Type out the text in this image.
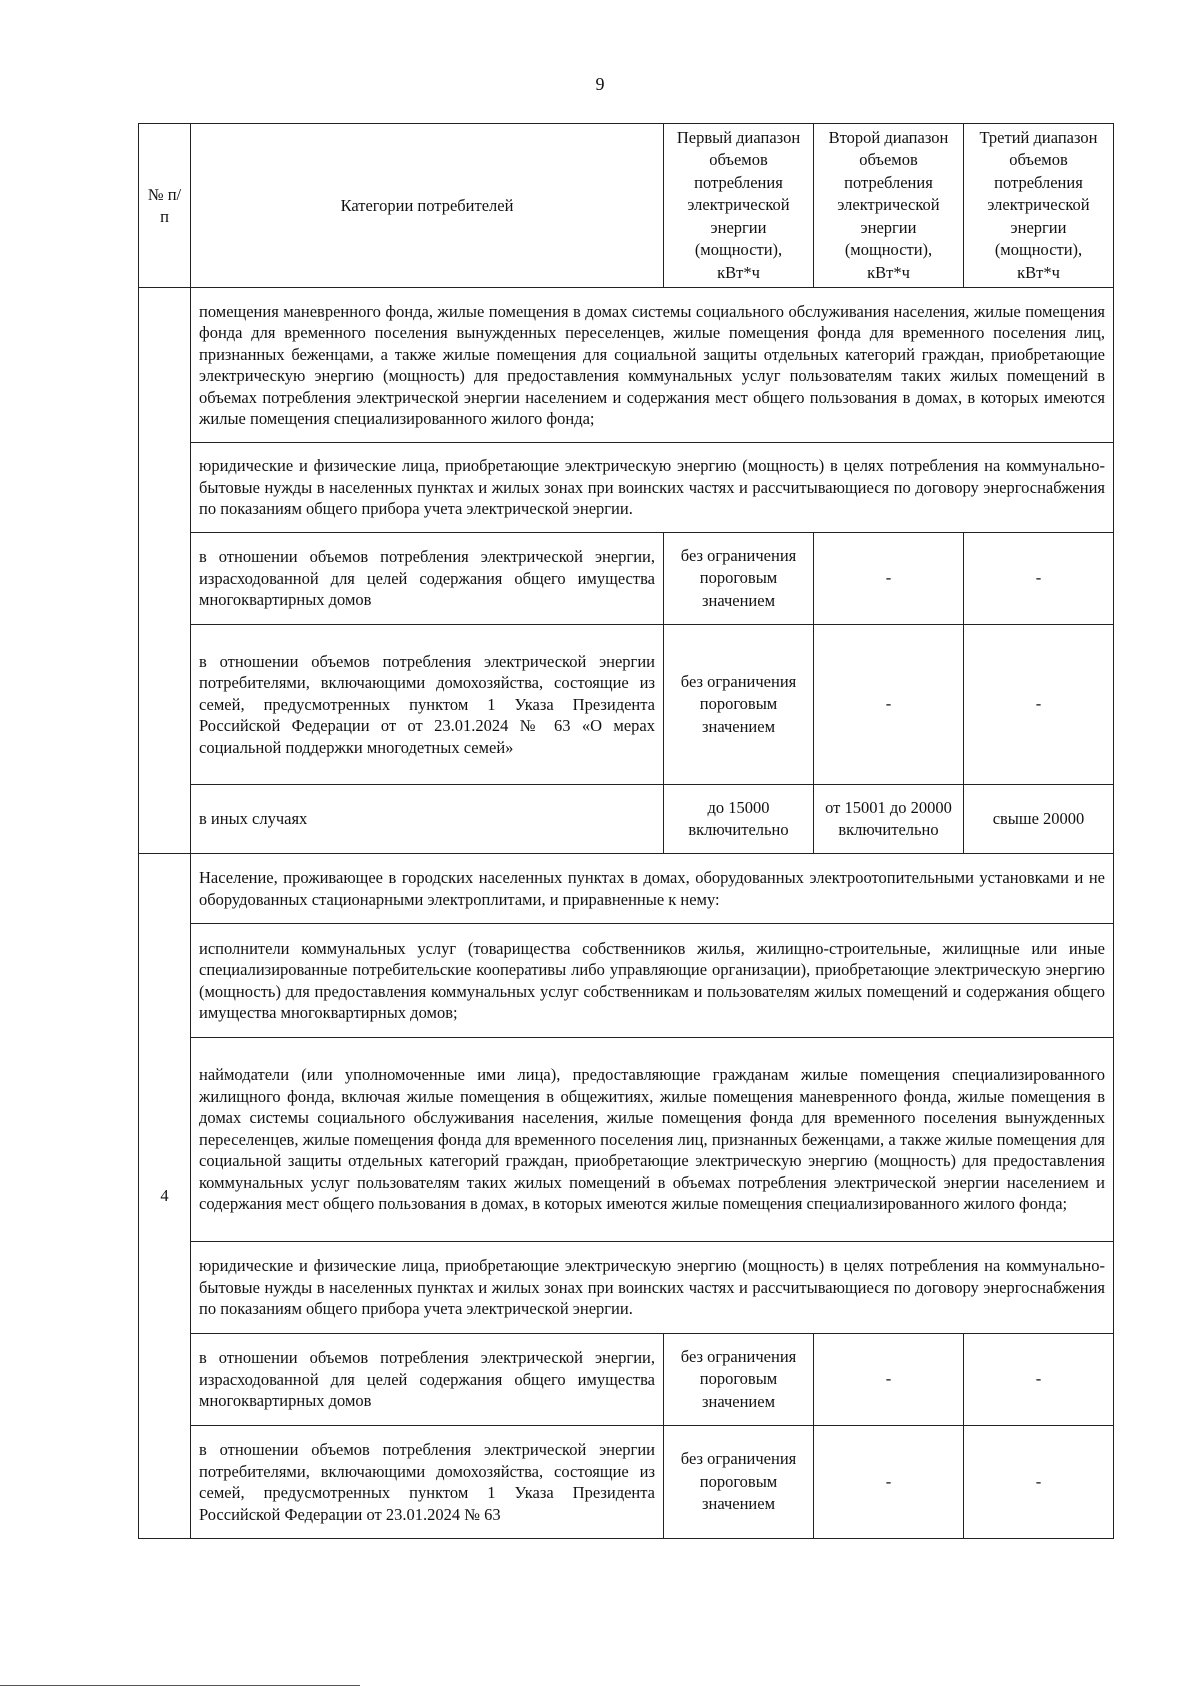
9
№ п/п	Категории потребителей	Первый диапазон объемов потребления электрической энергии (мощности), кВт*ч	Второй диапазон объемов потребления электрической энергии (мощности), кВт*ч	Третий диапазон объемов потребления электрической энергии (мощности), кВт*ч
	помещения маневренного фонда, жилые помещения в домах системы социального обслуживания населения, жилые помещения фонда для временного поселения вынужденных переселенцев, жилые помещения фонда для временного поселения лиц, признанных беженцами, а также жилые помещения для социальной защиты отдельных категорий граждан, приобретающие электрическую энергию (мощность) для предоставления коммунальных услуг пользователям таких жилых помещений в объемах потребления электрической энергии населением и содержания мест общего пользования в домах, в которых имеются жилые помещения специализированного жилого фонда;			
	юридические и физические лица, приобретающие электрическую энергию (мощность) в целях потребления на коммунально-бытовые нужды в населенных пунктах и жилых зонах при воинских частях и рассчитывающиеся по договору энергоснабжения по показаниям общего прибора учета электрической энергии.			
	в отношении объемов потребления электрической энергии, израсходованной для целей содержания общего имущества многоквартирных домов	без ограничения пороговым значением	-	-
	в отношении объемов потребления электрической энергии потребителями, включающими домохозяйства, состоящие из семей, предусмотренных пунктом 1 Указа Президента Российской Федерации от от 23.01.2024 № 63 «О мерах социальной поддержки многодетных семей»	без ограничения пороговым значением	-	-
	в иных случаях	до 15000 включительно	от 15001 до 20000 включительно	свыше 20000
4	Население, проживающее в городских населенных пунктах в домах, оборудованных электроотопительными установками и не оборудованных стационарными электроплитами, и приравненные к нему:			
	исполнители коммунальных услуг (товарищества собственников жилья, жилищно-строительные, жилищные или иные специализированные потребительские кооперативы либо управляющие организации), приобретающие электрическую энергию (мощность) для предоставления коммунальных услуг собственникам и пользователям жилых помещений и содержания общего имущества многоквартирных домов;			
	наймодатели (или уполномоченные ими лица), предоставляющие гражданам жилые помещения специализированного жилищного фонда, включая жилые помещения в общежитиях, жилые помещения маневренного фонда, жилые помещения в домах системы социального обслуживания населения, жилые помещения фонда для временного поселения вынужденных переселенцев, жилые помещения фонда для временного поселения лиц, признанных беженцами, а также жилые помещения для социальной защиты отдельных категорий граждан, приобретающие электрическую энергию (мощность) для предоставления коммунальных услуг пользователям таких жилых помещений в объемах потребления электрической энергии населением и содержания мест общего пользования в домах, в которых имеются жилые помещения специализированного жилого фонда;			
	юридические и физические лица, приобретающие электрическую энергию (мощность) в целях потребления на коммунально-бытовые нужды в населенных пунктах и жилых зонах при воинских частях и рассчитывающиеся по договору энергоснабжения по показаниям общего прибора учета электрической энергии.			
	в отношении объемов потребления электрической энергии, израсходованной для целей содержания общего имущества многоквартирных домов	без ограничения пороговым значением	-	-
	в отношении объемов потребления электрической энергии потребителями, включающими домохозяйства, состоящие из семей, предусмотренных пунктом 1 Указа Президента Российской Федерации от 23.01.2024 № 63	без ограничения пороговым значением	-	-
